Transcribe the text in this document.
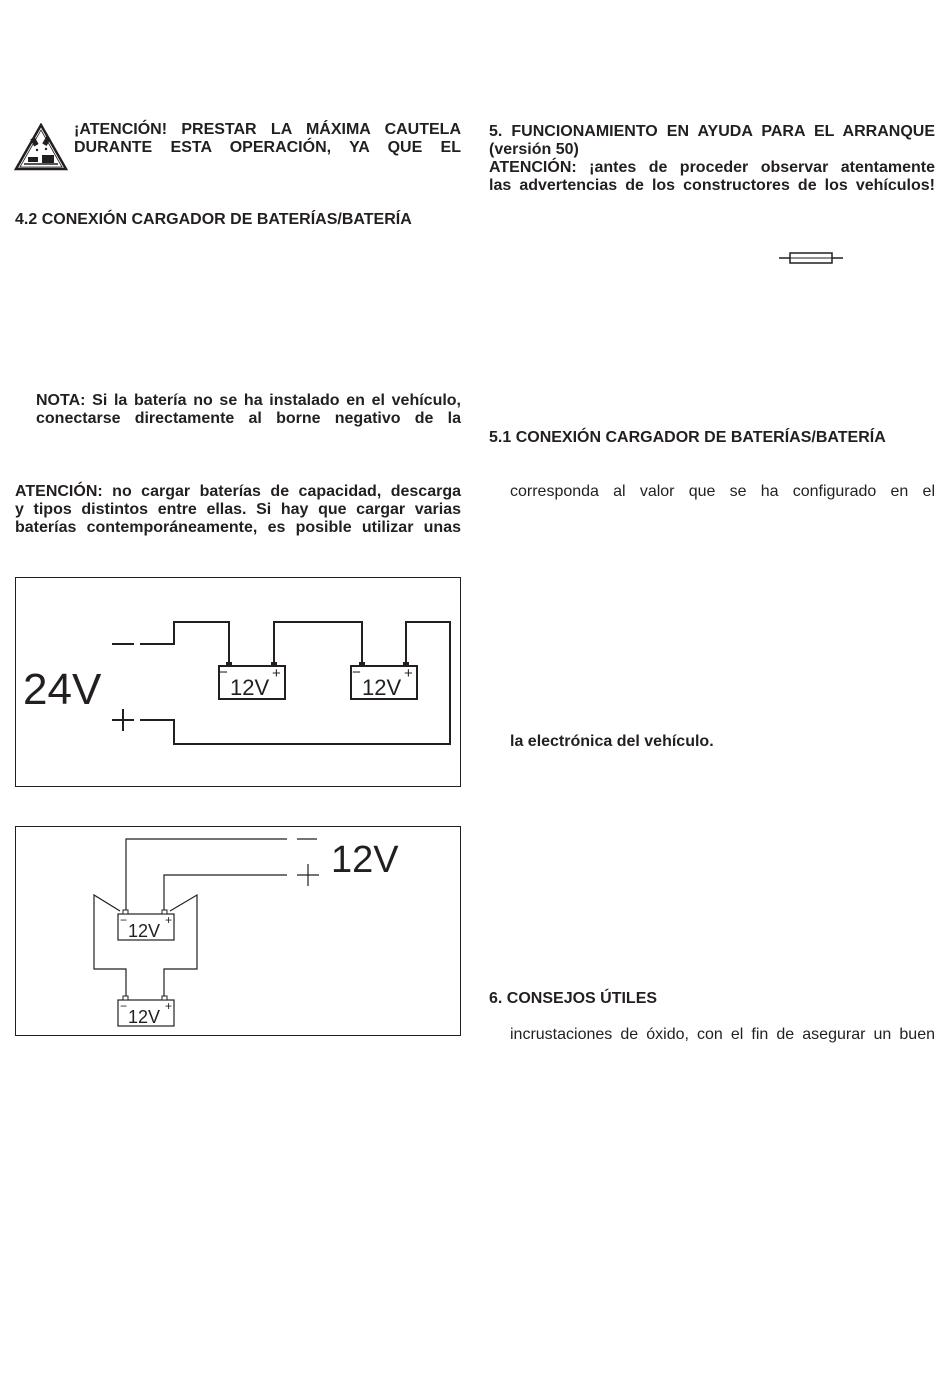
¡ATENCIÓN! PRESTAR LA MÁXIMA CAUTELA
DURANTE ESTA OPERACIÓN, YA QUE EL
4.2 CONEXIÓN CARGADOR DE BATERÍAS/BATERÍA
NOTA: Si la batería no se ha instalado en el vehículo,
conectarse directamente al borne negativo de la
ATENCIÓN: no cargar baterías de capacidad, descarga
y tipos distintos entre ellas. Si hay que cargar varias
baterías contemporáneamente, es posible utilizar unas
24V	12V	12V
−	+	−	+
12V
12V
12V
−	+
−	+
5. FUNCIONAMIENTO EN AYUDA PARA EL ARRANQUE
(versión 50)
ATENCIÓN: ¡antes de proceder observar atentamente
las advertencias de los constructores de los vehículos!
5.1 CONEXIÓN CARGADOR DE BATERÍAS/BATERÍA
corresponda al valor que se ha configurado en el
la electrónica del vehículo.
6. CONSEJOS ÚTILES
incrustaciones de óxido, con el fin de asegurar un buen
